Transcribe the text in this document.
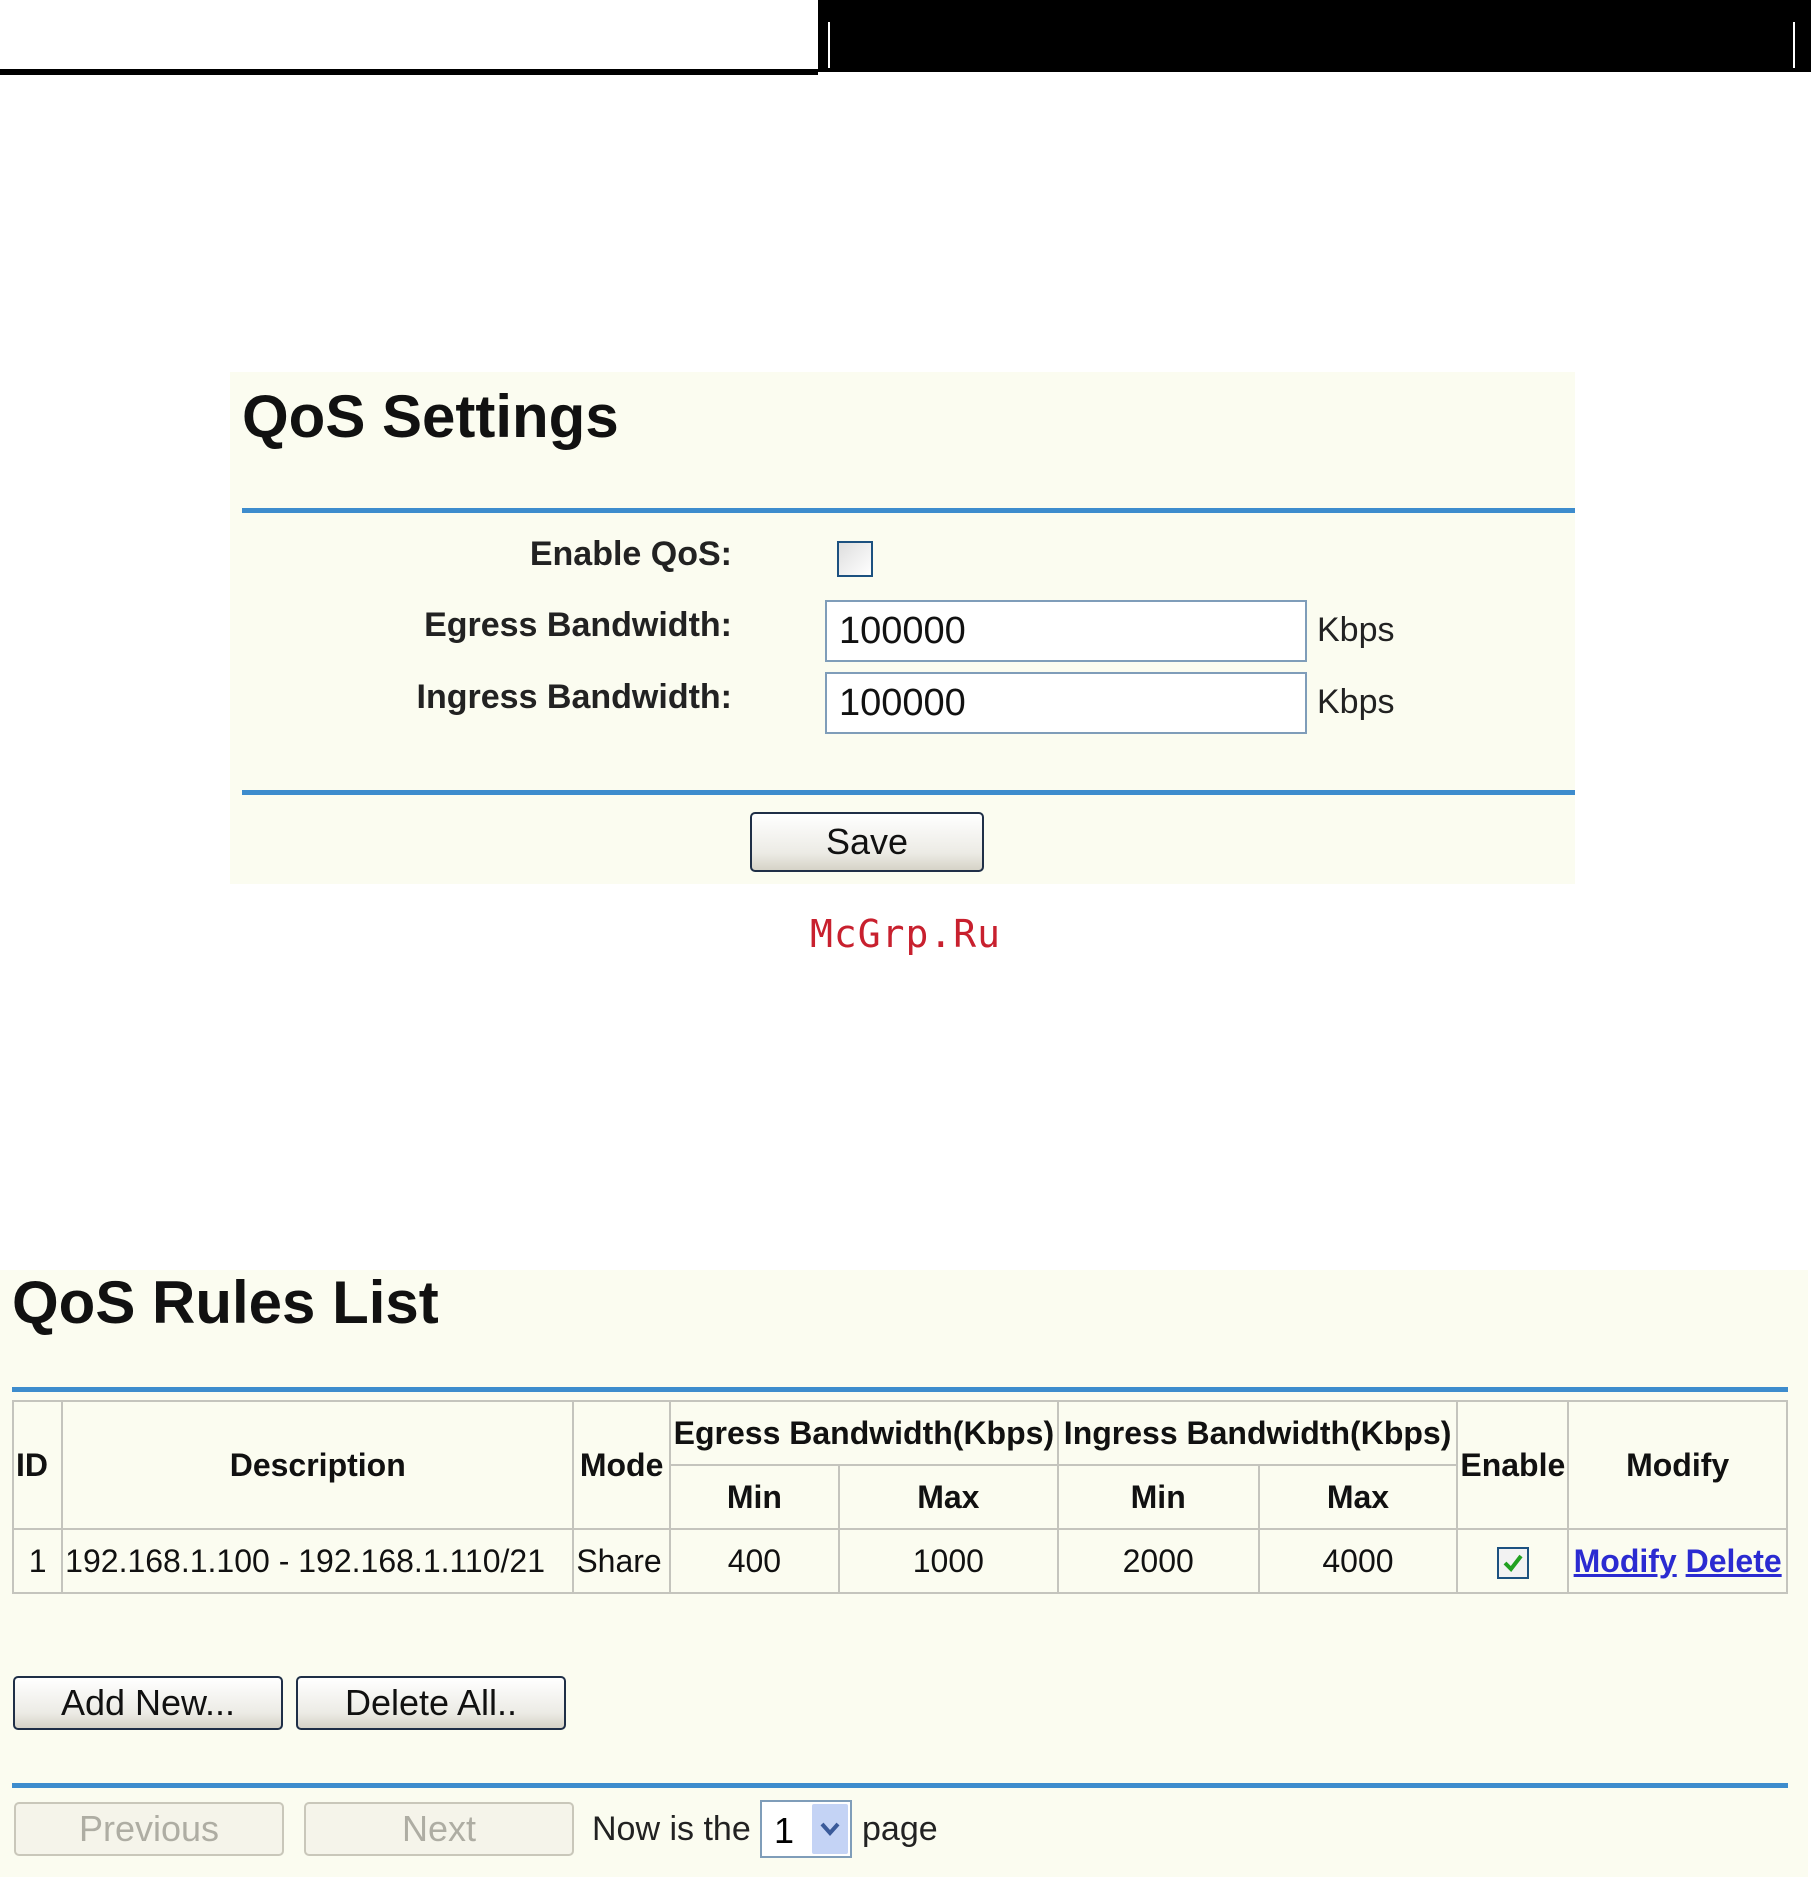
QoS Settings
Enable QoS:
Egress Bandwidth:	100000	Kbps
Ingress Bandwidth:	100000	Kbps
Save
McGrp.Ru
QoS Rules List
ID	Description	Mode	Egress Bandwidth(Kbps)		Ingress Bandwidth(Kbps)		Enable	Modify
			Min	Max	Min	Max		
1	192.168.1.100 - 192.168.1.110/21	Share	400	1000	2000	4000		Modify Delete
Add New...	Delete All..
Previous	Next	Now is the 1 page
